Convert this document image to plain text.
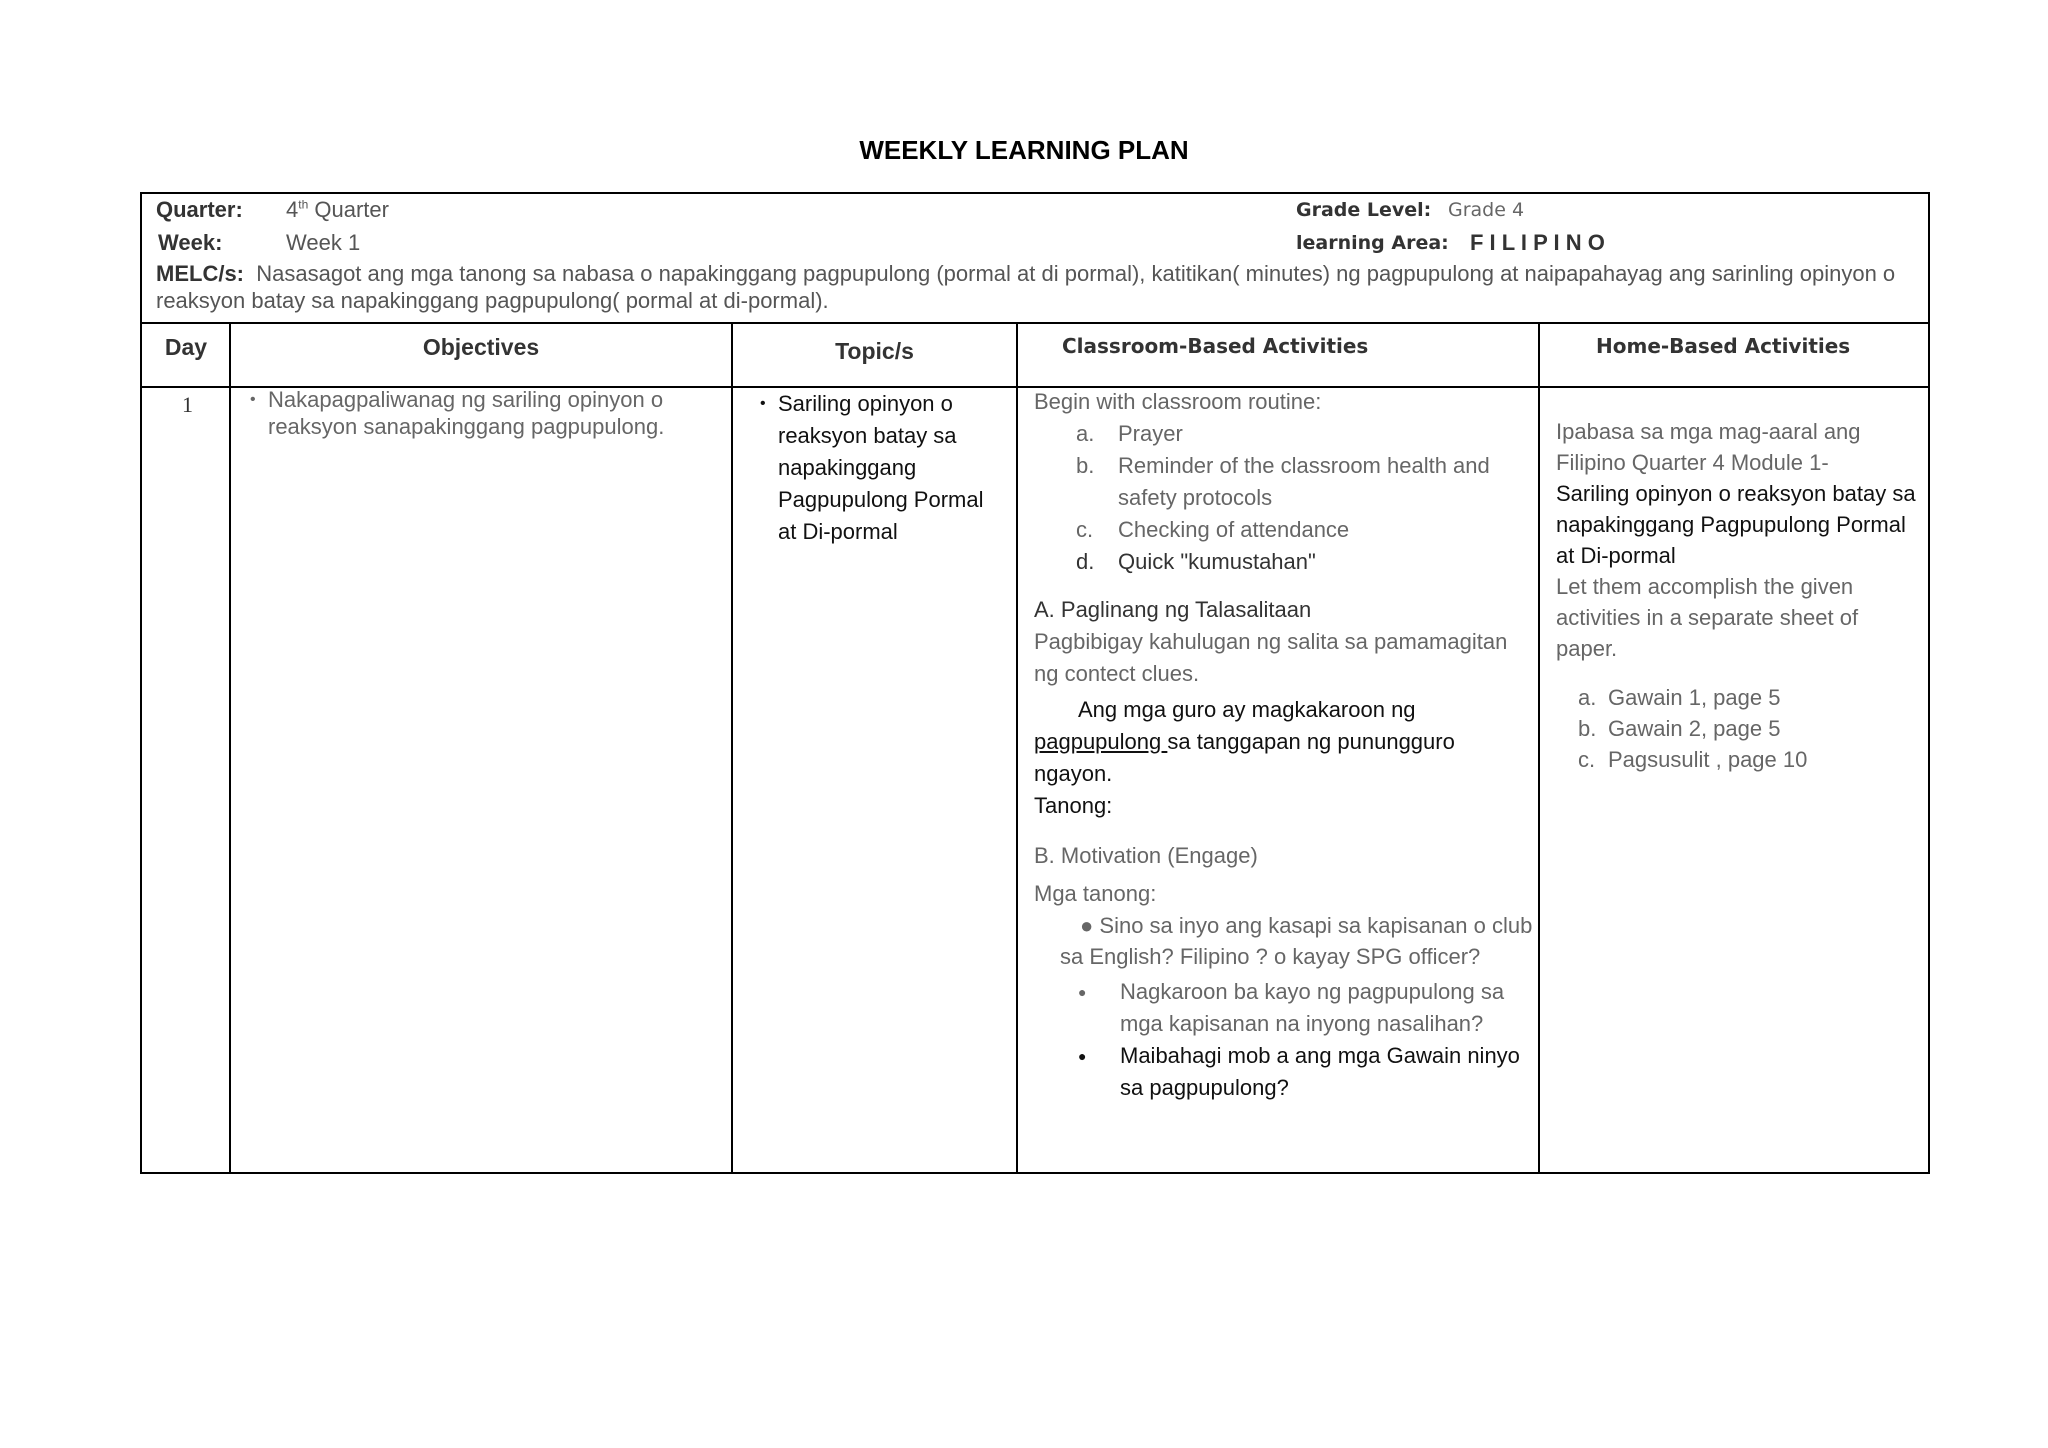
WEEKLY LEARNING PLAN
Quarter: 4th Quarter
Week:	Week 1
Grade Level: Grade 4
learning Area: F I L I P I N O
MELC/s: Nasasagot ang mga tanong sa nabasa o napakinggang pagpupulong (pormal at di pormal), katitikan( minutes) ng pagpupulong at naipapahayag ang sarinling opinyon o reaksyon batay sa napakinggang pagpupulong( pormal at di-pormal).
Day	Objectives	Topic/s	Classroom-Based Activities	Home-Based Activities
1
•	Nakapagpaliwanag ng sariling opinyon o reaksyon sanapakinggang pagpupulong.
• Sariling opinyon o reaksyon batay sa napakinggang Pagpupulong Pormal at Di-pormal
Begin with classroom routine:
a.	Prayer
b.	Reminder of the classroom health and safety protocols
c.	Checking of attendance
d.	Quick "kumustahan"
A. Paglinang ng Talasalitaan
Pagbibigay kahulugan ng salita sa pamamagitan ng contect clues.
Ang mga guro ay magkakaroon ng
pagpupulong sa tanggapan ng punungguro ngayon.
Tanong:
B. Motivation (Engage)
Mga tanong:
● Sino sa inyo ang kasapi sa kapisanan o club sa English? Filipino ? o kayay SPG officer?
● Nagkaroon ba kayo ng pagpupulong sa mga kapisanan na inyong nasalihan?
● Maibahagi mob a ang mga Gawain ninyo sa pagpupulong?
Ipabasa sa mga mag-aaral ang Filipino Quarter 4 Module 1-
Sariling opinyon o reaksyon batay sa napakinggang Pagpupulong Pormal at Di-pormal
Let them accomplish the given activities in a separate sheet of paper.
a. Gawain 1, page 5
b. Gawain 2, page 5
c. Pagsusulit , page 10
